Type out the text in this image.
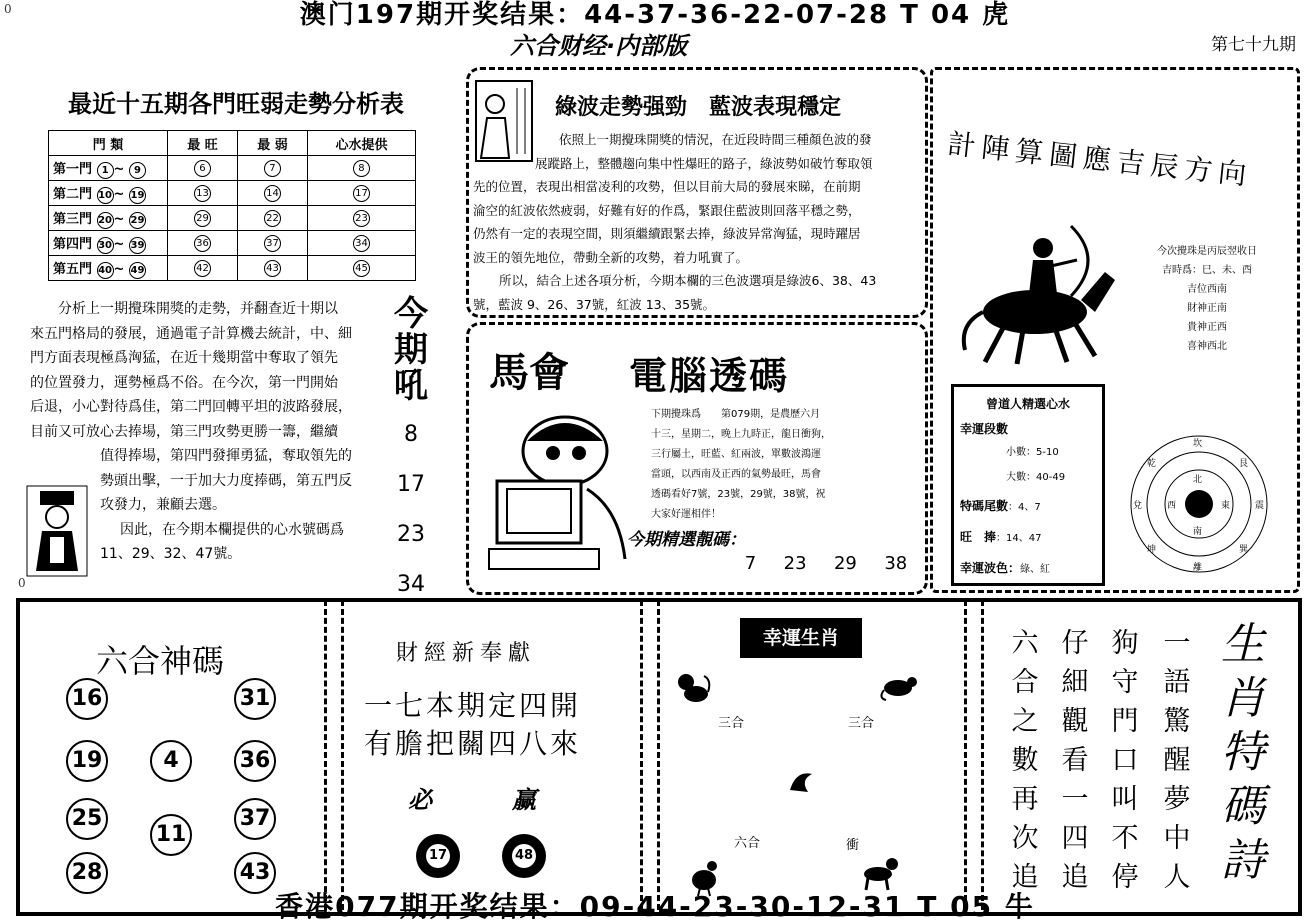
0	澳门197期开奖结果：44-37-36-22-07-28 T 04 虎
六合财经·内部版	第七十九期
最近十五期各門旺弱走勢分析表
門 類	最 旺	最 弱	心水提供
第一門 1 ~ 9	6	7	8
第二門 10 ~ 19	13	14	17
第三門 20 ~ 29	29	22	23
第四門 30 ~ 39	36	37	34
第五門 40 ~ 49	42	43	45
分析上一期攪珠開獎的走勢，并翻查近十期以
來五門格局的發展，通過電子計算機去統計，中、細
門方面表現極爲洶猛，在近十幾期當中奪取了領先
的位置發力，運勢極爲不俗。在今次，第一門開始
后退，小心對待爲佳，第二門回轉平坦的波路發展，
目前又可放心去捧場，第三門攻勢更勝一籌，繼續
值得捧場，第四門發揮勇猛，奪取領先的
勢頭出擊，一于加大力度捧碼，第五門反
攻發力，兼顧去選。
因此，在今期本欄提供的心水號碼爲
11、29、32、47號。
今
期
吼
8
17
23
34
綠波走勢强勁　藍波表現穩定
依照上一期攪珠開獎的情況，在近段時間三種顏色波的發
展蹤路上，整體趨向集中性爆旺的路子，綠波勢如破竹奪取領
先的位置，表現出相當凌利的攻勢，但以目前大局的發展來睇，在前期
淪空的紅波依然疲弱，好難有好的作爲，緊跟住藍波則回落平穩之勢，
仍然有一定的表現空間，則須繼續跟緊去捧，綠波异常洶猛，現時躍居
波王的領先地位，帶動全新的攻勢，着力吼實了。
所以，結合上述各項分析，今期本欄的三色波選項是綠波6、38、43
號，藍波 9、26、37號，紅波 13、35號。
馬會 電腦透碼
下期攪珠爲　　第079期，是農歷六月
十三，星期二，晚上九時正，龍日衝狗，
三行屬土，旺藍、紅兩波，單數波鴻運
當頭，以西南及正西的氣勢最旺，馬會
透碼看好7號，23號，29號，38號，祝
大家好運相伴！
今期精選靚碼：
7 23 29 38
計陣算圖應吉辰方向
今次攪珠是丙辰翌收日
吉時爲：巳、未、酉
吉位西南
財神正南
貴神正西
喜神西北
曾道人精選心水
幸運段數
小數：5-10
大數：40-49
特碼尾數：4、7
旺　捧：14、47
幸運波色：綠、紅
坎
艮
震
巽
離
坤
兌
乾
北
東
南
西
0
六合神碼
16	31
19	4	36
25
11
37
28	43
財經新奉獻
一七本期定四開
有膽把關四八來
必	赢
17	48
幸運生肖
三合	三合
六合	衝
生
肖
特
碼
詩
一
語
驚
醒
夢
中
人
狗
守
門
口
叫
不
停
仔
細
觀
看
一
四
追
六
合
之
數
再
次
追
香港077期开奖结果：09-44-23-30-12-31 T 05 牛
